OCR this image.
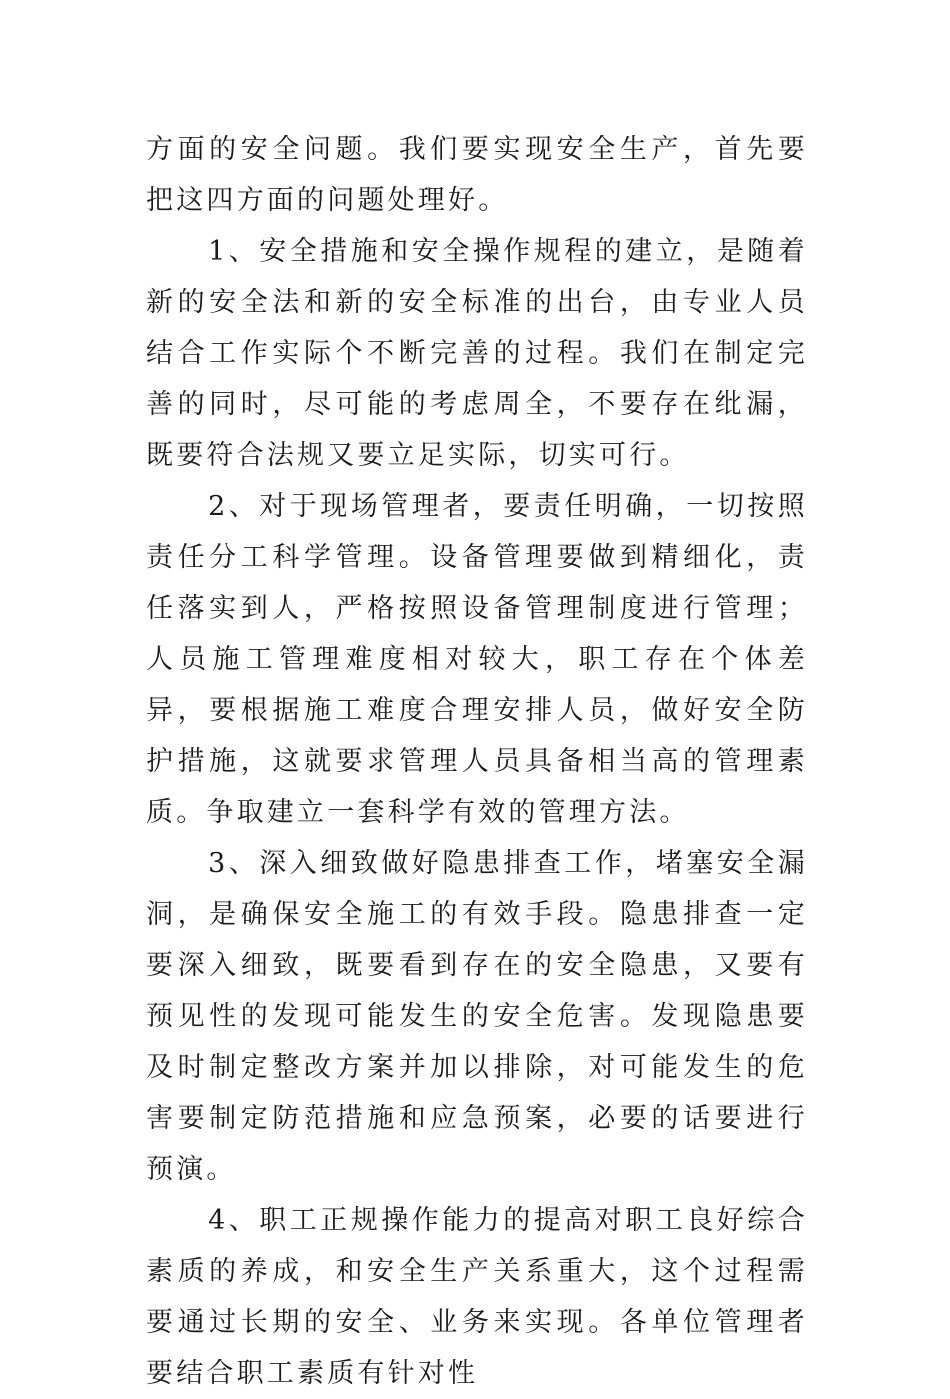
方面的安全问题。我们要实现安全生产，首先要把这四方面的问题处理好。

1、安全措施和安全操作规程的建立，是随着新的安全法和新的安全标准的出台，由专业人员结合工作实际个不断完善的过程。我们在制定完善的同时，尽可能的考虑周全，不要存在纰漏，既要符合法规又要立足实际，切实可行。

2、对于现场管理者，要责任明确，一切按照责任分工科学管理。设备管理要做到精细化，责任落实到人，严格按照设备管理制度进行管理；人员施工管理难度相对较大，职工存在个体差异，要根据施工难度合理安排人员，做好安全防护措施，这就要求管理人员具备相当高的管理素质。争取建立一套科学有效的管理方法。

3、深入细致做好隐患排查工作，堵塞安全漏洞，是确保安全施工的有效手段。隐患排查一定要深入细致，既要看到存在的安全隐患，又要有预见性的发现可能发生的安全危害。发现隐患要及时制定整改方案并加以排除，对可能发生的危害要制定防范措施和应急预案，必要的话要进行预演。

4、职工正规操作能力的提高对职工良好综合素质的养成，和安全生产关系重大，这个过程需要通过长期的安全、业务来实现。各单位管理者要结合职工素质有针对性
